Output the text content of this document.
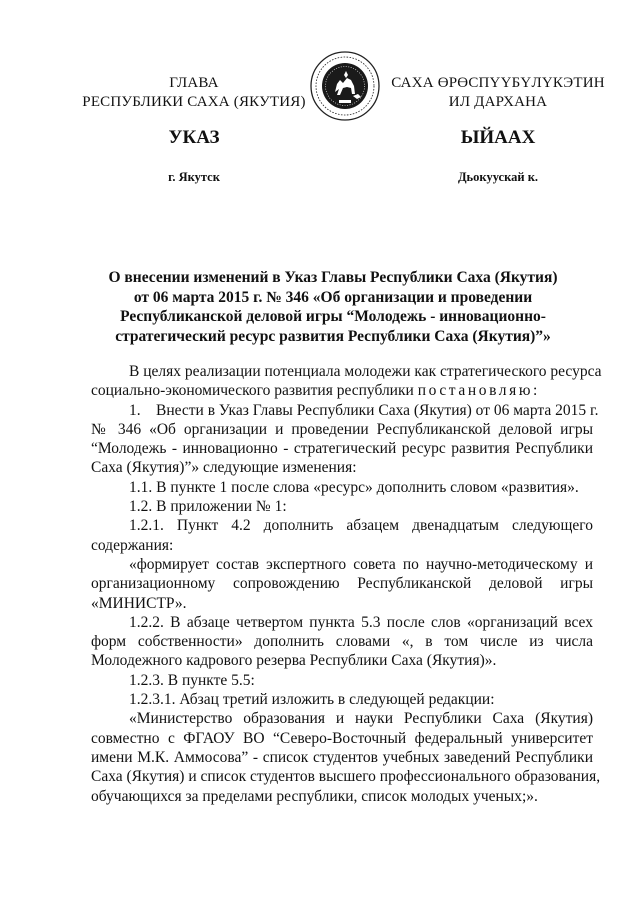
ГЛАВА
РЕСПУБЛИКИ САХА (ЯКУТИЯ)
САХА ӨРӨСПҮҮБҮЛҮКЭТИН
ИЛ ДАРХАНА
УКАЗ	ЫЙААХ
г. Якутск	Дьокуускай к.
О внесении изменений в Указ Главы Республики Саха (Якутия)
от 06 марта 2015 г. № 346 «Об организации и проведении
Республиканской деловой игры “Молодежь - инновационно-
стратегический ресурс развития Республики Саха (Якутия)”»
В целях реализации потенциала молодежи как стратегического ресурса
социально-экономического развития республики постановляю:
1. Внести в Указ Главы Республики Саха (Якутия) от 06 марта 2015 г.
№ 346 «Об организации и проведении Республиканской деловой игры
“Молодежь - инновационно - стратегический ресурс развития Республики
Саха (Якутия)”» следующие изменения:
1.1. В пункте 1 после слова «ресурс» дополнить словом «развития».
1.2. В приложении № 1:
1.2.1. Пункт 4.2 дополнить абзацем двенадцатым следующего
содержания:
«формирует состав экспертного совета по научно-методическому и
организационному сопровождению Республиканской деловой игры
«МИНИСТР».
1.2.2. В абзаце четвертом пункта 5.3 после слов «организаций всех
форм собственности» дополнить словами «, в том числе из числа
Молодежного кадрового резерва Республики Саха (Якутия)».
1.2.3. В пункте 5.5:
1.2.3.1. Абзац третий изложить в следующей редакции:
«Министерство образования и науки Республики Саха (Якутия)
совместно с ФГАОУ ВО “Северо-Восточный федеральный университет
имени М.К. Аммосова” - список студентов учебных заведений Республики
Саха (Якутия) и список студентов высшего профессионального образования,
обучающихся за пределами республики, список молодых ученых;».
